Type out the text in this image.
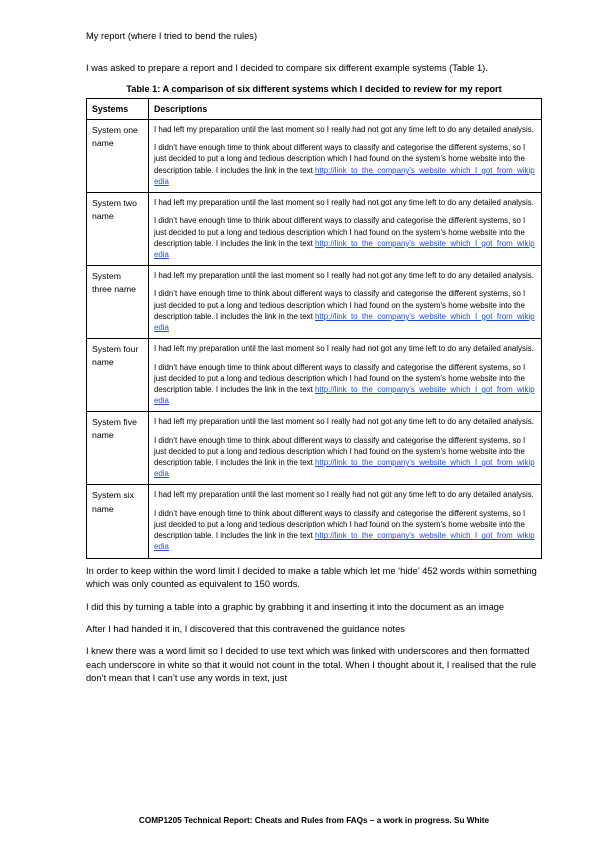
My report (where I tried to bend the rules)

I was asked to prepare a report and I decided to compare six different example systems (Table 1).

Table 1: A comparison of six different systems which I decided to review for my report
Systems	Descriptions
System one name	I had left my preparation until the last moment so I really had not got any time left to do any detailed analysis.

I didn’t have enough time to think about different ways to classify and categorise the different systems, so I just decided to put a long and tedious description which I had found on the system’s home website into the description table. I includes the link in the text http://link_to_the_company’s_website_which_I_got_from_wikipedia

System two name	I had left my preparation until the last moment so I really had not got any time left to do any detailed analysis.

I didn’t have enough time to think about different ways to classify and categorise the different systems, so I just decided to put a long and tedious description which I had found on the system’s home website into the description table. I includes the link in the text http://link_to_the_company’s_website_which_I_got_from_wikipedia

System three name	I had left my preparation until the last moment so I really had not got any time left to do any detailed analysis.

I didn’t have enough time to think about different ways to classify and categorise the different systems, so I just decided to put a long and tedious description which I had found on the system’s home website into the description table. I includes the link in the text http://link_to_the_company’s_website_which_I_got_from_wikipedia

System four name	I had left my preparation until the last moment so I really had not got any time left to do any detailed analysis.

I didn’t have enough time to think about different ways to classify and categorise the different systems, so I just decided to put a long and tedious description which I had found on the system’s home website into the description table. I includes the link in the text http://link_to_the_company’s_website_which_I_got_from_wikipedia

System five name	I had left my preparation until the last moment so I really had not got any time left to do any detailed analysis.

I didn’t have enough time to think about different ways to classify and categorise the different systems, so I just decided to put a long and tedious description which I had found on the system’s home website into the description table. I includes the link in the text http://link_to_the_company’s_website_which_I_got_from_wikipedia

System six name	I had left my preparation until the last moment so I really had not got any time left to do any detailed analysis.

I didn’t have enough time to think about different ways to classify and categorise the different systems, so I just decided to put a long and tedious description which I had found on the system’s home website into the description table. I includes the link in the text http://link_to_the_company’s_website_which_I_got_from_wikipedia

In order to keep within the word limit I decided to make a table which let me ‘hide’ 452 words within something which was only counted as equivalent to 150 words.

I did this by turning a table into a graphic by grabbing it and inserting it into the document as an image

After I had handed it in, I discovered that this contravened the guidance notes

I knew there was a word limit so I decided to use text which was linked with underscores and then formatted each underscore in white so that it would not count in the total. When I thought about it, I realised that the rule don’t mean that I can’t use any words in text, just

COMP1205 Technical Report: Cheats and Rules from FAQs – a work in progress. Su White
